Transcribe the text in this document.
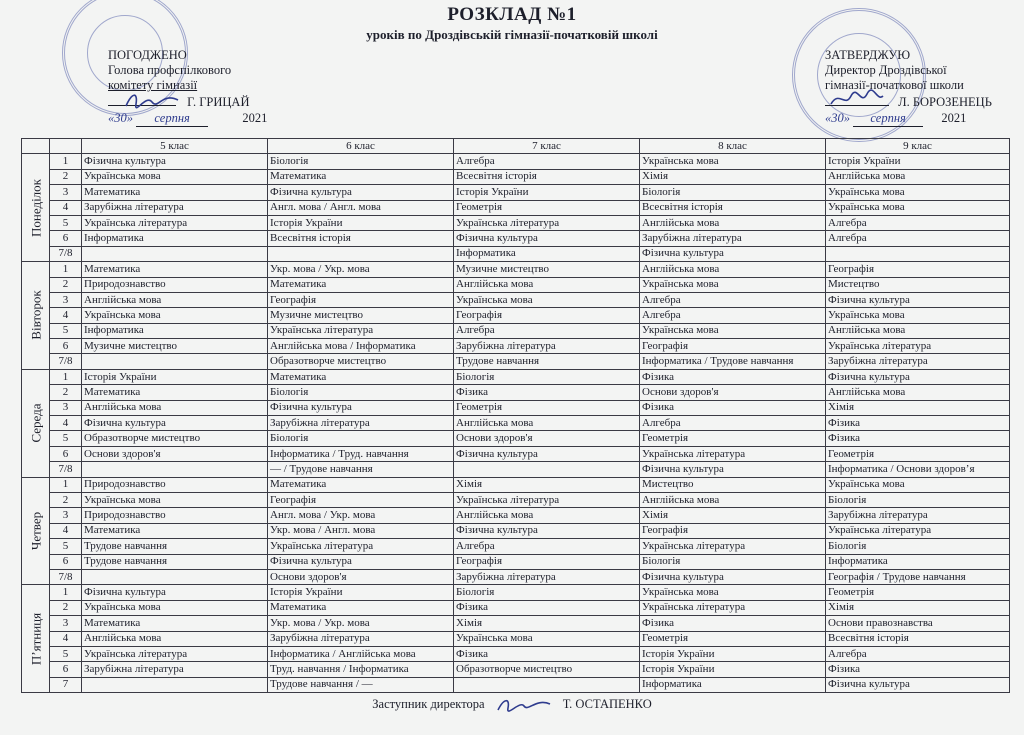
РОЗКЛАД №1
уроків по Дроздівській гімназії-початковій школі
ПОГОДЖЕНО
Голова профспілкового
комітету гімназії
Г. ГРИЦАЙ
«30» серпня	2021
ЗАТВЕРДЖУЮ
Директор Дроздівської
гімназії-початкової школи
Л. БОРОЗЕНЕЦЬ
«30» серпня	2021
		5 клас	6 клас	7 клас	8 клас	9 клас

Понеділок	1	Фізична культура	Біологія	Алгебра	Українська мова	Історія України
	2	Українська мова	Математика	Всесвітня історія	Хімія	Англійська мова
	3	Математика	Фізична культура	Історія України	Біологія	Українська мова
	4	Зарубіжна література	Англ. мова / Англ. мова	Геометрія	Всесвітня історія	Українська мова
	5	Українська література	Історія України	Українська література	Англійська мова	Алгебра
	6	Інформатика	Всесвітня історія	Фізична культура	Зарубіжна література	Алгебра
	7/8			Інформатика	Фізична культура	

Вівторок	1	Математика	Укр. мова / Укр. мова	Музичне мистецтво	Англійська мова	Географія
	2	Природознавство	Математика	Англійська мова	Українська мова	Мистецтво
	3	Англійська мова	Географія	Українська мова	Алгебра	Фізична культура
	4	Українська мова	Музичне мистецтво	Географія	Алгебра	Українська мова
	5	Інформатика	Українська література	Алгебра	Українська мова	Англійська мова
	6	Музичне мистецтво	Англійська мова / Інформатика	Зарубіжна література	Географія	Українська література
	7/8		Образотворче мистецтво	Трудове навчання	Інформатика / Трудове навчання	Зарубіжна література

Середа	1	Історія України	Математика	Біологія	Фізика	Фізична культура
	2	Математика	Біологія	Фізика	Основи здоров'я	Англійська мова
	3	Англійська мова	Фізична культура	Геометрія	Фізика	Хімія
	4	Фізична культура	Зарубіжна література	Англійська мова	Алгебра	Фізика
	5	Образотворче мистецтво	Біологія	Основи здоров'я	Геометрія	Фізика
	6	Основи здоров'я	Інформатика / Труд. навчання	Фізична культура	Українська література	Геометрія
	7/8		— / Трудове навчання		Фізична культура	Інформатика / Основи здоров’я

Четвер	1	Природознавство	Математика	Хімія	Мистецтво	Українська мова
	2	Українська мова	Географія	Українська література	Англійська мова	Біологія
	3	Природознавство	Англ. мова / Укр. мова	Англійська мова	Хімія	Зарубіжна література
	4	Математика	Укр. мова / Англ. мова	Фізична культура	Географія	Українська література
	5	Трудове навчання	Українська література	Алгебра	Українська література	Біологія
	6	Трудове навчання	Фізична культура	Географія	Біологія	Інформатика
	7/8		Основи здоров'я	Зарубіжна література	Фізична культура	Географія / Трудове навчання

П’ятниця	1	Фізична культура	Історія України	Біологія	Українська мова	Геометрія
	2	Українська мова	Математика	Фізика	Українська література	Хімія
	3	Математика	Укр. мова / Укр. мова	Хімія	Фізика	Основи правознавства
	4	Англійська мова	Зарубіжна література	Українська мова	Геометрія	Всесвітня історія
	5	Українська література	Інформатика / Англійська мова	Фізика	Історія України	Алгебра
	6	Зарубіжна література	Труд. навчання / Інформатика	Образотворче мистецтво	Історія України	Фізика
	7		Трудове навчання / —		Інформатика	Фізична культура
Заступник директора	Т. ОСТАПЕНКО
